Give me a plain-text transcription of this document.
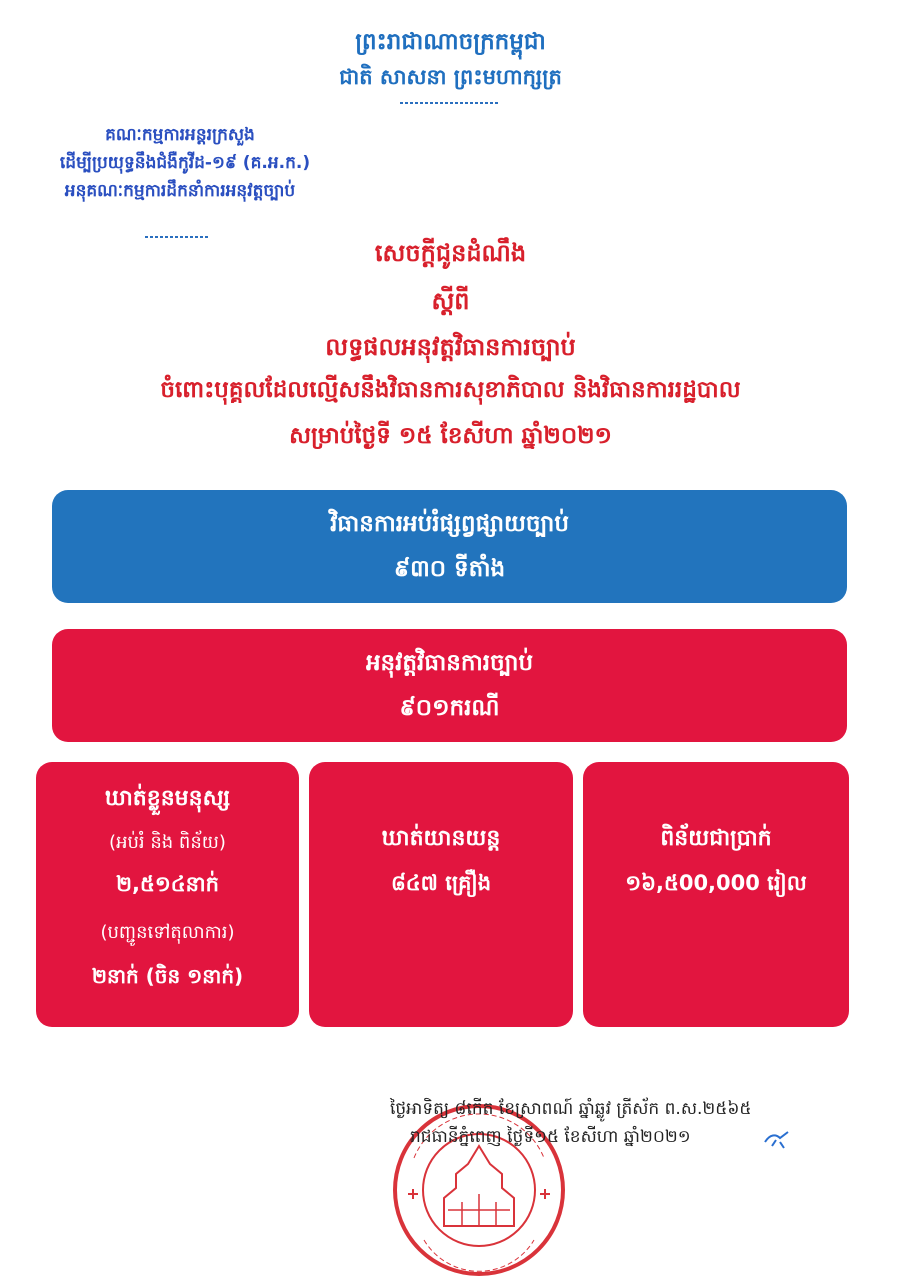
ព្រះរាជាណាចក្រកម្ពុជា
ជាតិ សាសនា ព្រះមហាក្សត្រ
គណៈកម្មការអន្តរក្រសួង
ដើម្បីប្រយុទ្ធនឹងជំងឺកូវីដ-១៩ (គ.អ.ក.)
អនុគណៈកម្មការដឹកនាំការអនុវត្តច្បាប់
សេចក្តីជូនដំណឹង
ស្តីពី
លទ្ធផលអនុវត្តវិធានការច្បាប់
ចំពោះបុគ្គលដែលល្មើសនឹងវិធានការសុខាភិបាល និងវិធានការរដ្ឋបាល
សម្រាប់ថ្ងៃទី ១៥ ខែសីហា ឆ្នាំ២០២១
វិធានការអប់រំផ្សព្វផ្សាយច្បាប់
៩៣០ ទីតាំង
អនុវត្តវិធានការច្បាប់
៩០១ករណី
ឃាត់ខ្លួនមនុស្ស
(អប់រំ និង ពិន័យ)
២,៥១៤នាក់
(បញ្ជូនទៅតុលាការ)
២នាក់ (ចិន ១នាក់)
ឃាត់យានយន្ត
៨៤៧ គ្រឿង
ពិន័យជាប្រាក់
១៦,៥00,000 រៀល
ថ្ងៃអាទិត្យ ៨កើត ខែស្រាពណ៍ ឆ្នាំឆ្លូវ ត្រីស័ក ព.ស.២៥៦៥
រាជធានីភ្នំពេញ ថ្ងៃទី១៥ ខែសីហា ឆ្នាំ២០២១
